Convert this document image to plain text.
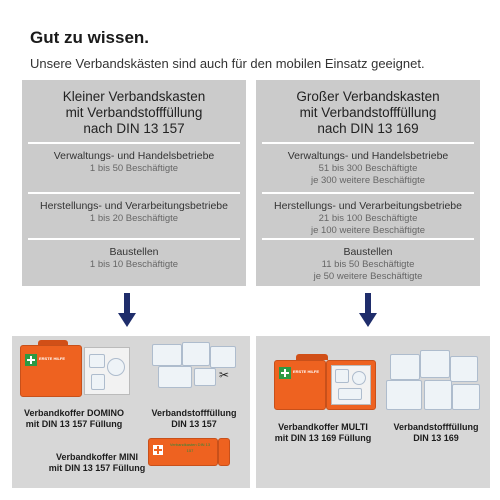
Gut zu wissen.
Unsere Verbandskästen sind auch für den mobilen Einsatz geeignet.
Kleiner Verbandskasten
mit Verbandstofffüllung
nach DIN 13 157
Verwaltungs- und Handelsbetriebe
1 bis 50 Beschäftigte
Herstellungs- und Verarbeitungsbetriebe
1 bis 20 Beschäftigte
Baustellen
1 bis 10 Beschäftigte
Großer Verbandskasten
mit Verbandstofffüllung
nach DIN 13 169
Verwaltungs- und Handelsbetriebe
51 bis 300 Beschäftigte
je 300 weitere Beschäftigte
Herstellungs- und Verarbeitungsbetriebe
21 bis 100 Beschäftigte
je 100 weitere Beschäftigte
Baustellen
11 bis 50 Beschäftigte
je 50 weitere Beschäftigte
ERSTE HILFE
✂
Verbandkoffer DOMINO
mit DIN 13 157 Füllung
Verbandstofffüllung
DIN 13 157
Verbandkasten DIN 13 157
Verbandkoffer MINI
mit DIN 13 157 Füllung
ERSTE HILFE
Verbandkoffer MULTI
mit DIN 13 169 Füllung
Verbandstofffüllung
DIN 13 169
